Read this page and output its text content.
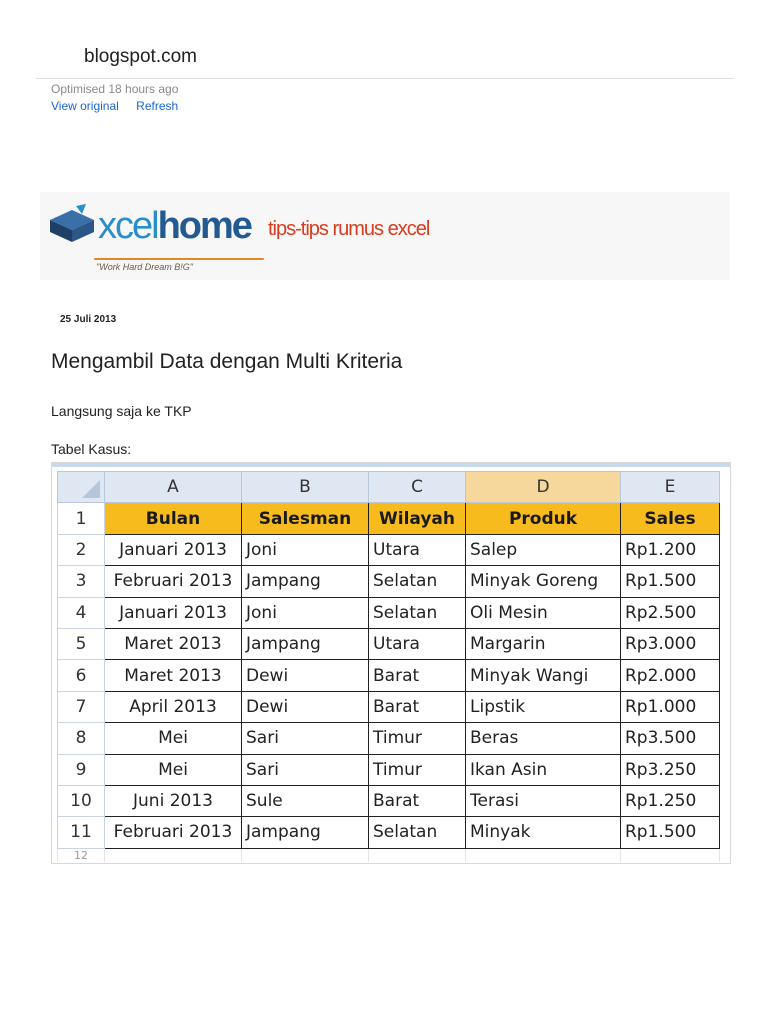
blogspot.com
Optimised 18 hours ago
View original Refresh
xcelhome tips-tips rumus excel
"Work Hard Dream B!G"
25 Juli 2013
Mengambil Data dengan Multi Kriteria
Langsung saja ke TKP
Tabel Kasus:
	A	B	C	D	E
1	Bulan	Salesman	Wilayah	Produk	Sales
2	Januari 2013	Joni	Utara	Salep	Rp1.200
3	Februari 2013	Jampang	Selatan	Minyak Goreng	Rp1.500
4	Januari 2013	Joni	Selatan	Oli Mesin	Rp2.500
5	Maret 2013	Jampang	Utara	Margarin	Rp3.000
6	Maret 2013	Dewi	Barat	Minyak Wangi	Rp2.000
7	April 2013	Dewi	Barat	Lipstik	Rp1.000
8	Mei	Sari	Timur	Beras	Rp3.500
9	Mei	Sari	Timur	Ikan Asin	Rp3.250
10	Juni 2013	Sule	Barat	Terasi	Rp1.250
11	Februari 2013	Jampang	Selatan	Minyak	Rp1.500
12					
